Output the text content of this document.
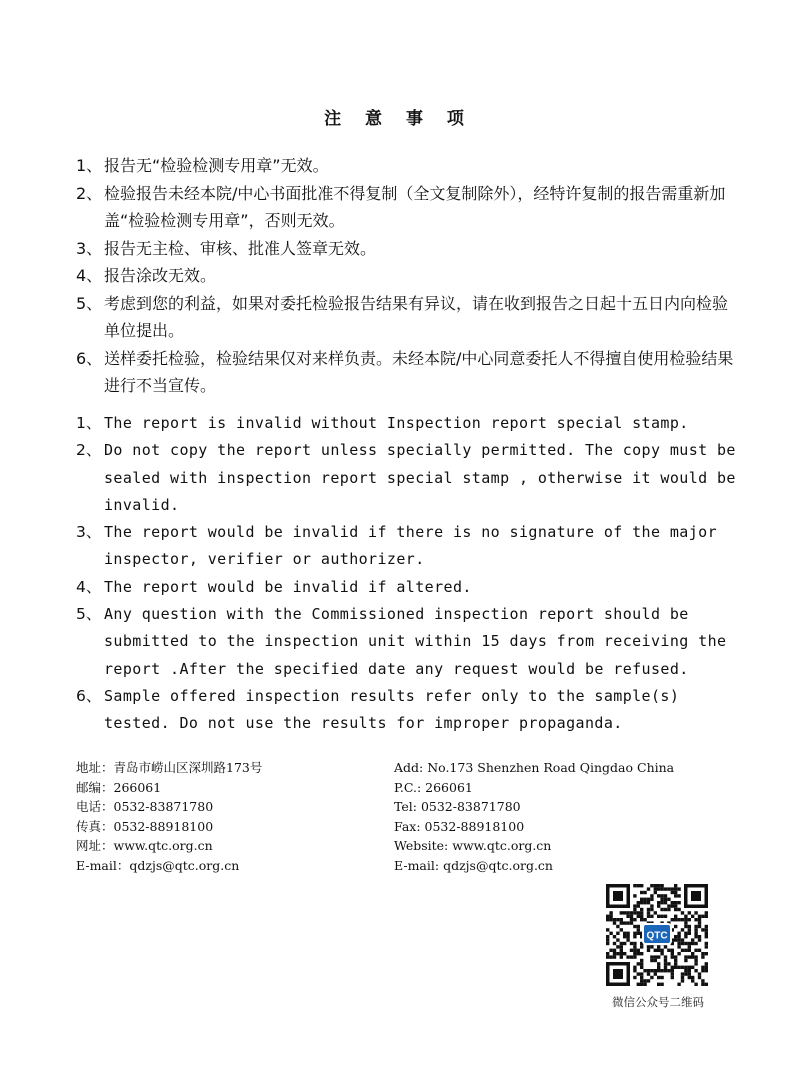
注 意 事 项
1、 报告无“检验检测专用章”无效。
2、 检验报告未经本院/中心书面批准不得复制（全文复制除外），经特许复制的报告需重新加盖“检验检测专用章”，否则无效。
3、 报告无主检、审核、批准人签章无效。
4、 报告涂改无效。
5、 考虑到您的利益，如果对委托检验报告结果有异议，请在收到报告之日起十五日内向检验单位提出。
6、 送样委托检验，检验结果仅对来样负责。未经本院/中心同意委托人不得擅自使用检验结果进行不当宣传。
1、 The report is invalid without Inspection report special stamp.
2、 Do not copy the report unless specially permitted. The copy must be sealed with inspection report special stamp , otherwise it would be invalid.
3、 The report would be invalid if there is no signature of the major inspector, verifier or authorizer.
4、 The report would be invalid if altered.
5、 Any question with the Commissioned inspection report should be submitted to the inspection unit within 15 days from receiving the report .After the specified date any request would be refused.
6、 Sample offered inspection results refer only to the sample(s) tested. Do not use the results for improper propaganda.
地址：青岛市崂山区深圳路173号
邮编：266061
电话：0532-83871780
传真：0532-88918100
网址：www.qtc.org.cn
E-mail：qdzjs@qtc.org.cn
Add: No.173 Shenzhen Road Qingdao China
P.C.: 266061
Tel: 0532-83871780
Fax: 0532-88918100
Website: www.qtc.org.cn
E-mail: qdzjs@qtc.org.cn
QTC
微信公众号二维码
